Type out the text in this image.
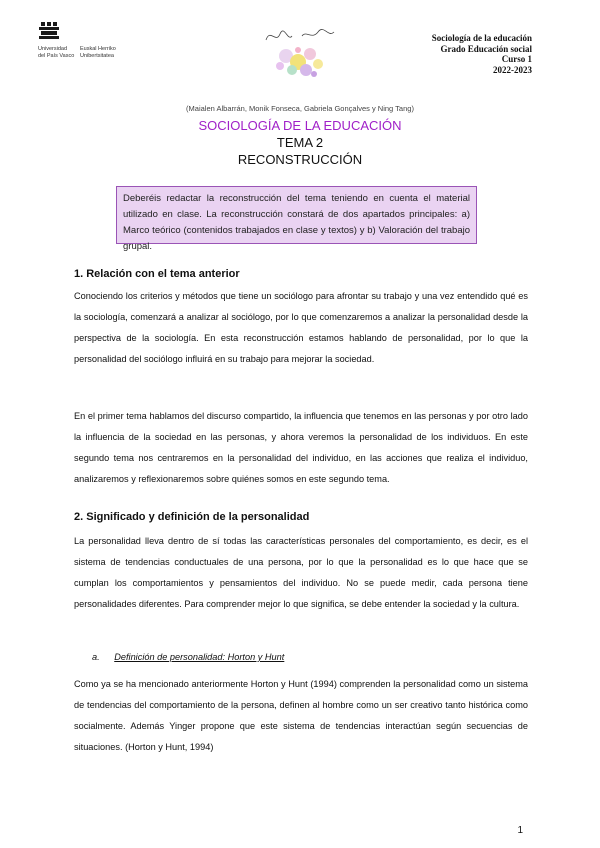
Universidad
del País Vasco
Euskal Herriko
Unibertsitatea
Sociología de la educación
Grado Educación social
Curso 1
2022-2023
(Maialen Albarrán, Monik Fonseca, Gabriela Gonçalves y Ning Tang)
SOCIOLOGÍA DE LA EDUCACIÓN
TEMA 2
RECONSTRUCCIÓN

Deberéis redactar la reconstrucción del tema teniendo en cuenta el material utilizado en clase. La reconstrucción constará de dos apartados principales: a) Marco teórico (contenidos trabajados en clase y textos) y b) Valoración del trabajo grupal.

1. Relación con el tema anterior

Conociendo los criterios y métodos que tiene un sociólogo para afrontar su trabajo y una vez entendido qué es la sociología, comenzará a analizar al sociólogo, por lo que comenzaremos a analizar la personalidad desde la perspectiva de la sociología. En esta reconstrucción estamos hablando de personalidad, por lo que la personalidad del sociólogo influirá en su trabajo para mejorar la sociedad.

En el primer tema hablamos del discurso compartido, la influencia que tenemos en las personas y por otro lado la influencia de la sociedad en las personas, y ahora veremos la personalidad de los individuos. En este segundo tema nos centraremos en la personalidad del individuo, en las acciones que realiza el individuo, analizaremos y reflexionaremos sobre quiénes somos en este segundo tema.

2. Significado y definición de la personalidad

La personalidad lleva dentro de sí todas las características personales del comportamiento, es decir, es el sistema de tendencias conductuales de una persona, por lo que la personalidad es lo que hace que se cumplan los comportamientos y pensamientos del individuo. No se puede medir, cada persona tiene personalidades diferentes. Para comprender mejor lo que significa, se debe entender la sociedad y la cultura.

a. Definición de personalidad: Horton y Hunt

Como ya se ha mencionado anteriormente Horton y Hunt (1994) comprenden la personalidad como un sistema de tendencias del comportamiento de la persona, definen al hombre como un ser creativo tanto histórica como socialmente. Además Yinger propone que este sistema de tendencias interactúan según secuencias de situaciones. (Horton y Hunt, 1994)

1
